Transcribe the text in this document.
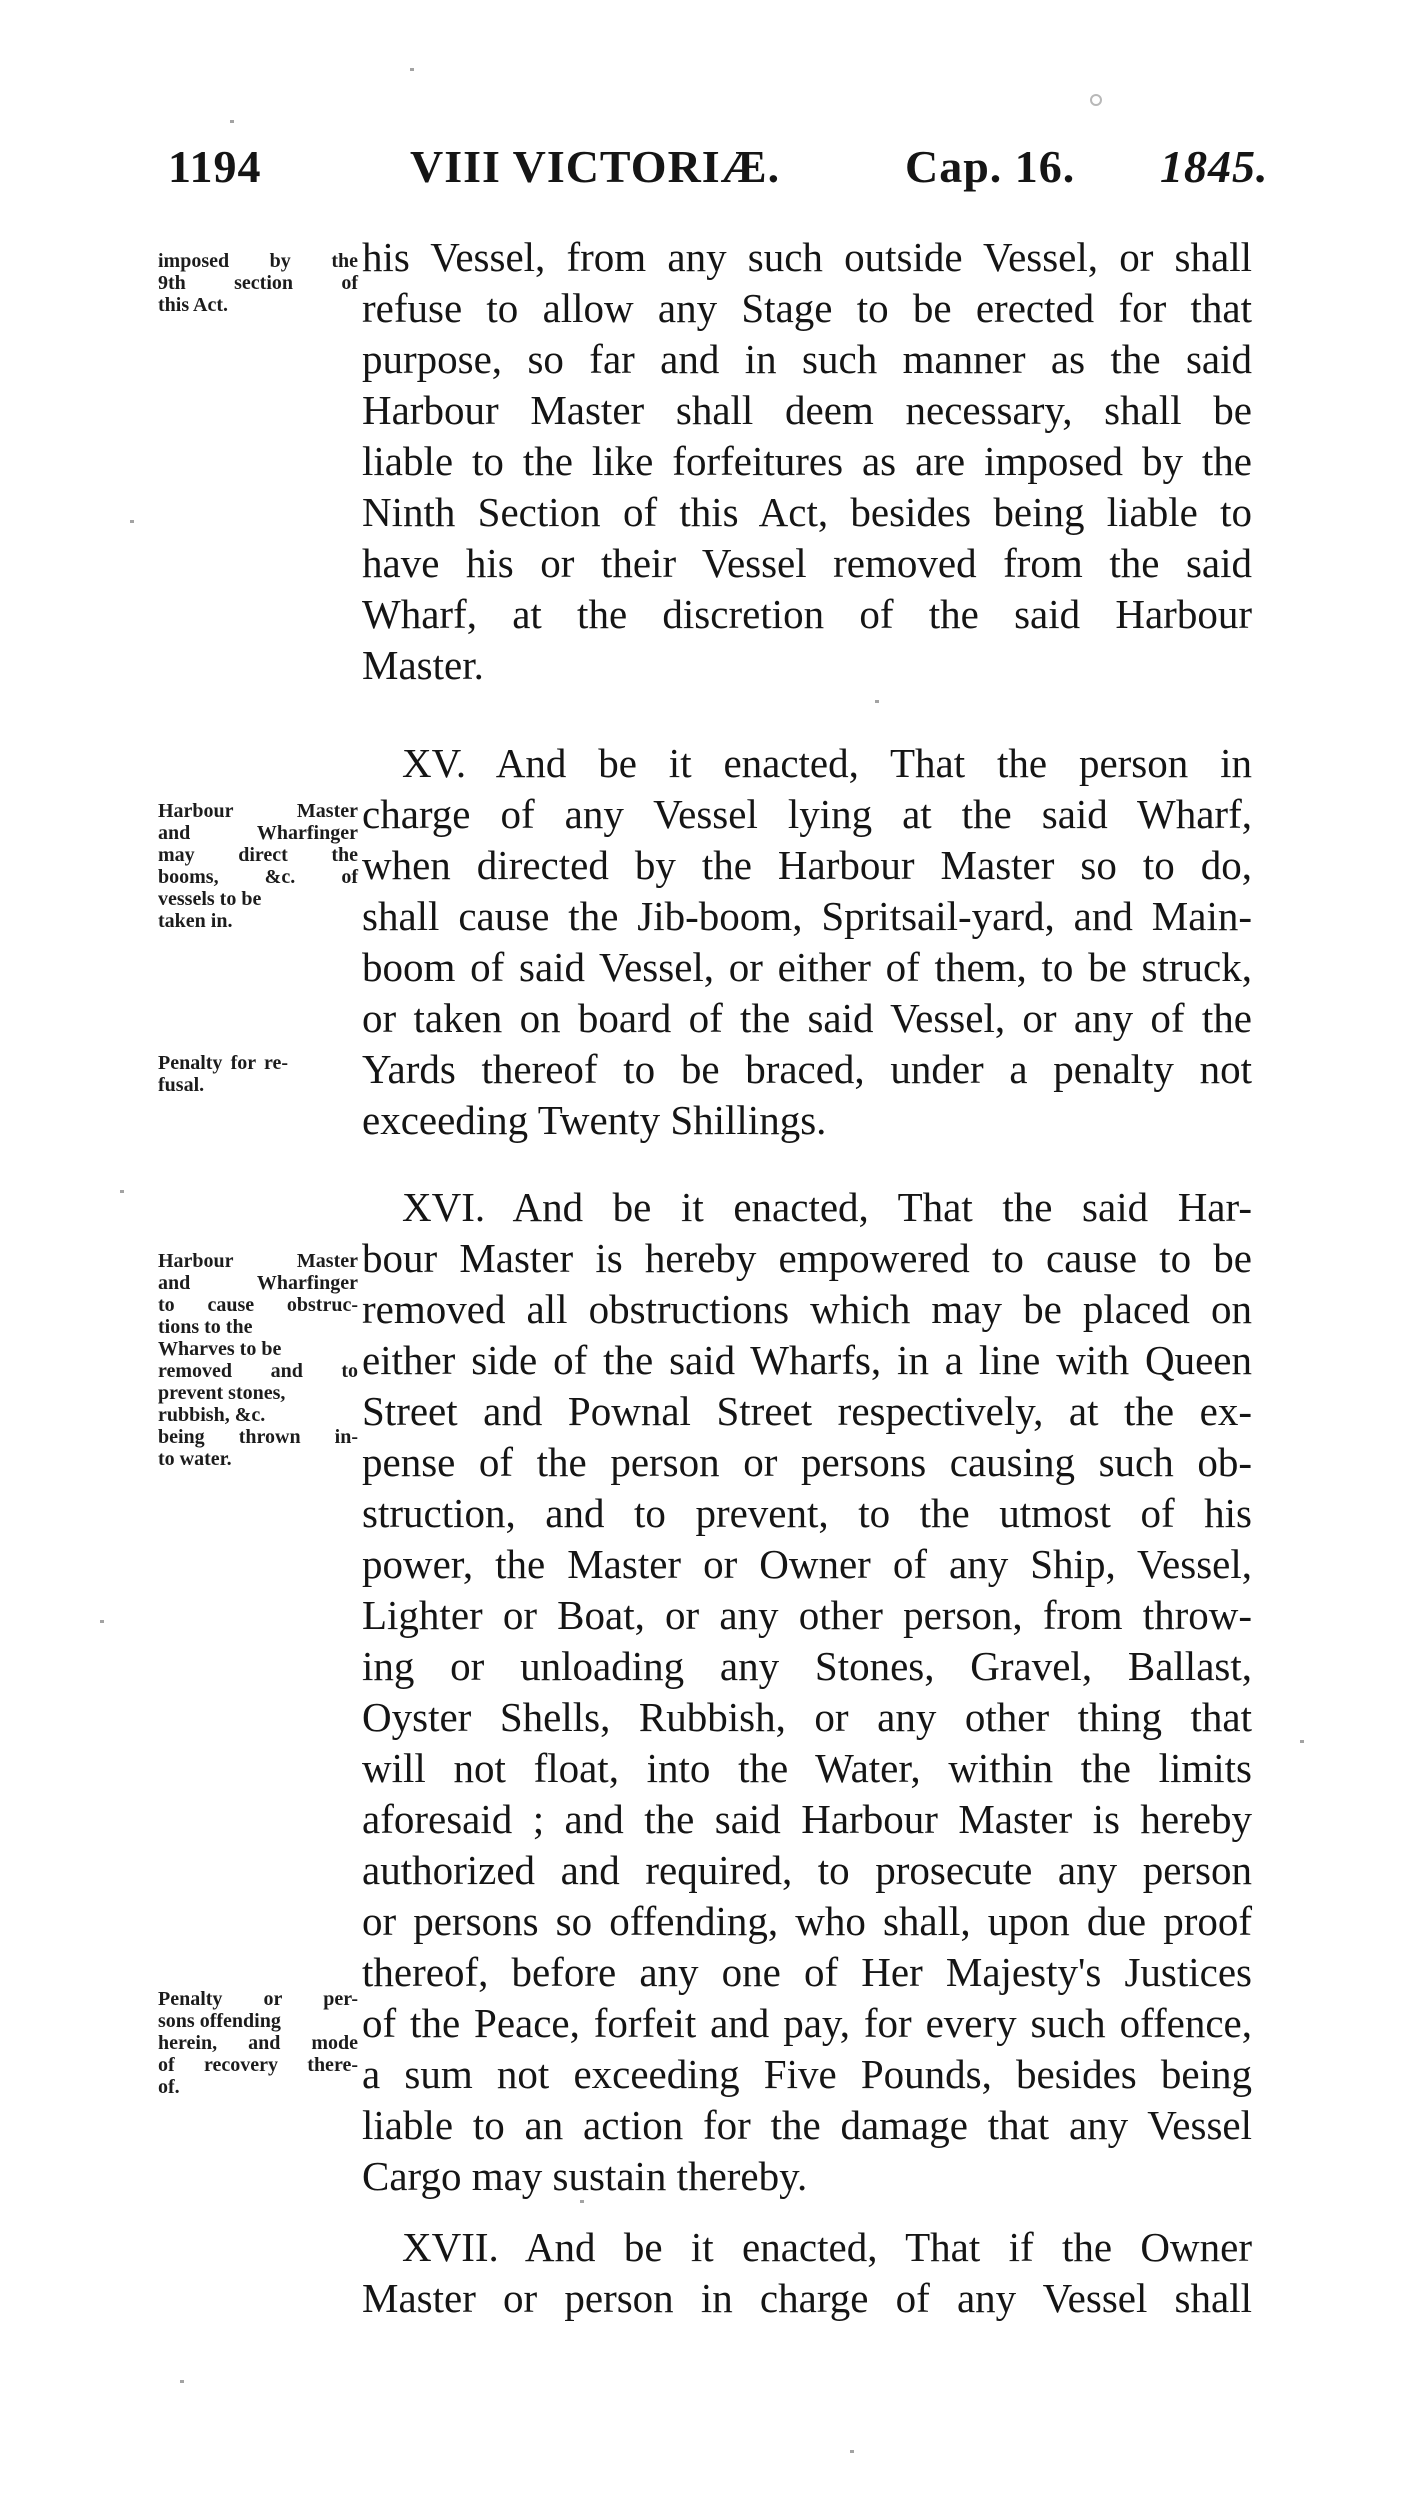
1194	VIII VICTORIÆ.	Cap. 16. 1845.
his Vessel, from any such outside Vessel, or shall
refuse to allow any Stage to be erected for that
purpose, so far and in such manner as the said
Harbour Master shall deem necessary, shall be
liable to the like forfeitures as are imposed by the
Ninth Section of this Act, besides being liable to
have his or their Vessel removed from the said
Wharf, at the discretion of the said Harbour
Master.
XV. And be it enacted, That the person in
charge of any Vessel lying at the said Wharf,
when directed by the Harbour Master so to do,
shall cause the Jib-boom, Spritsail-yard, and Main-
boom of said Vessel, or either of them, to be struck,
or taken on board of the said Vessel, or any of the
Yards thereof to be braced, under a penalty not
exceeding Twenty Shillings.
XVI. And be it enacted, That the said Har-
bour Master is hereby empowered to cause to be
removed all obstructions which may be placed on
either side of the said Wharfs, in a line with Queen
Street and Pownal Street respectively, at the ex-
pense of the person or persons causing such ob-
struction, and to prevent, to the utmost of his
power, the Master or Owner of any Ship, Vessel,
Lighter or Boat, or any other person, from throw-
ing or unloading any Stones, Gravel, Ballast,
Oyster Shells, Rubbish, or any other thing that
will not float, into the Water, within the limits
aforesaid ; and the said Harbour Master is hereby
authorized and required, to prosecute any person
or persons so offending, who shall, upon due proof
thereof, before any one of Her Majesty's Justices
of the Peace, forfeit and pay, for every such offence,
a sum not exceeding Five Pounds, besides being
liable to an action for the damage that any Vessel
Cargo may sustain thereby.
XVII. And be it enacted, That if the Owner
Master or person in charge of any Vessel shall
imposed by the
9th section of
this Act.
Harbour Master
and Wharfinger
may direct the
booms, &c. of
vessels to be
taken in.
Penalty for re-
fusal.
Harbour Master
and Wharfinger
to cause obstruc-
tions to the
Wharves to be
removed and to
prevent stones,
rubbish, &c.
being thrown in-
to water.
Penalty or per-
sons offending
herein, and mode
of recovery there-
of.
